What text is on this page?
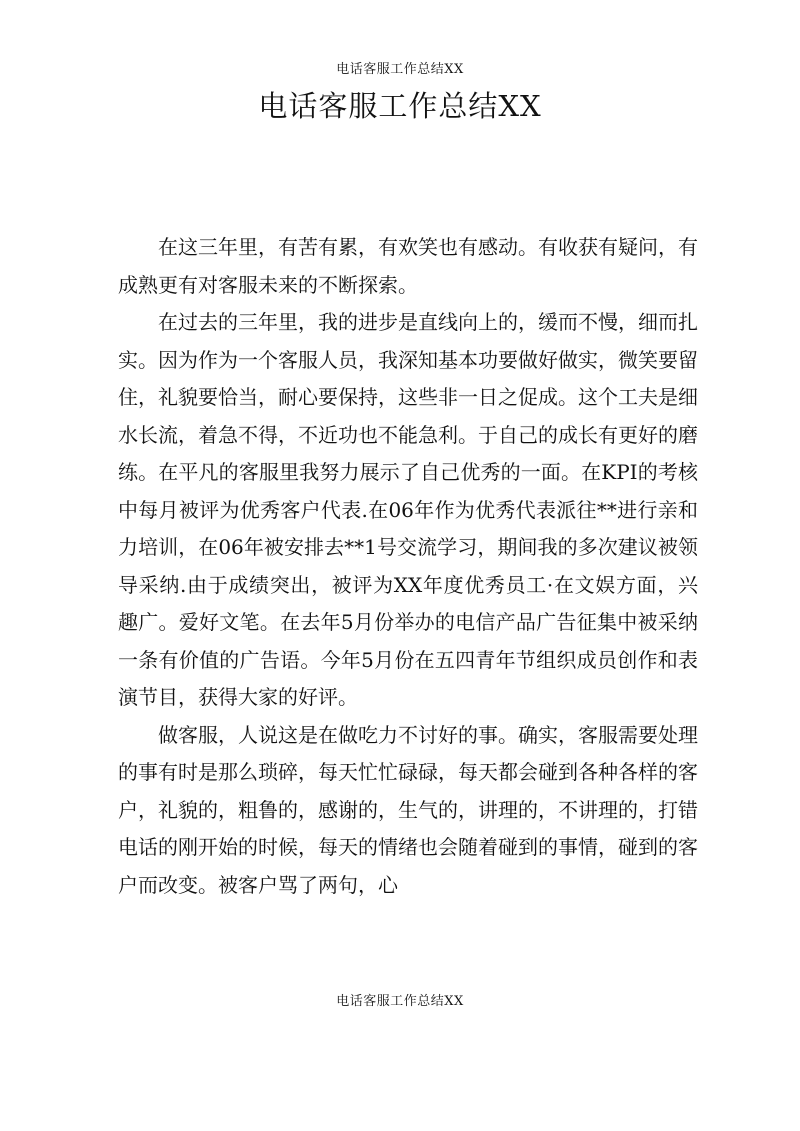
电话客服工作总结XX
电话客服工作总结XX

在这三年里，有苦有累，有欢笑也有感动。有收获有疑问，有成熟更有对客服未来的不断探索。

在过去的三年里，我的进步是直线向上的，缓而不慢，细而扎实。因为作为一个客服人员，我深知基本功要做好做实，微笑要留住，礼貌要恰当，耐心要保持，这些非一日之促成。这个工夫是细水长流，着急不得，不近功也不能急利。于自己的成长有更好的磨练。在平凡的客服里我努力展示了自己优秀的一面。在KPI的考核中每月被评为优秀客户代表.在06年作为优秀代表派往**进行亲和力培训，在06年被安排去**1号交流学习，期间我的多次建议被领导采纳.由于成绩突出，被评为XX年度优秀员工·在文娱方面，兴趣广。爱好文笔。在去年5月份举办的电信产品广告征集中被采纳一条有价值的广告语。今年5月份在五四青年节组织成员创作和表演节目，获得大家的好评。

做客服，人说这是在做吃力不讨好的事。确实，客服需要处理的事有时是那么琐碎，每天忙忙碌碌，每天都会碰到各种各样的客户，礼貌的，粗鲁的，感谢的，生气的，讲理的，不讲理的，打错电话的刚开始的时候，每天的情绪也会随着碰到的事情，碰到的客户而改变。被客户骂了两句，心

电话客服工作总结XX
